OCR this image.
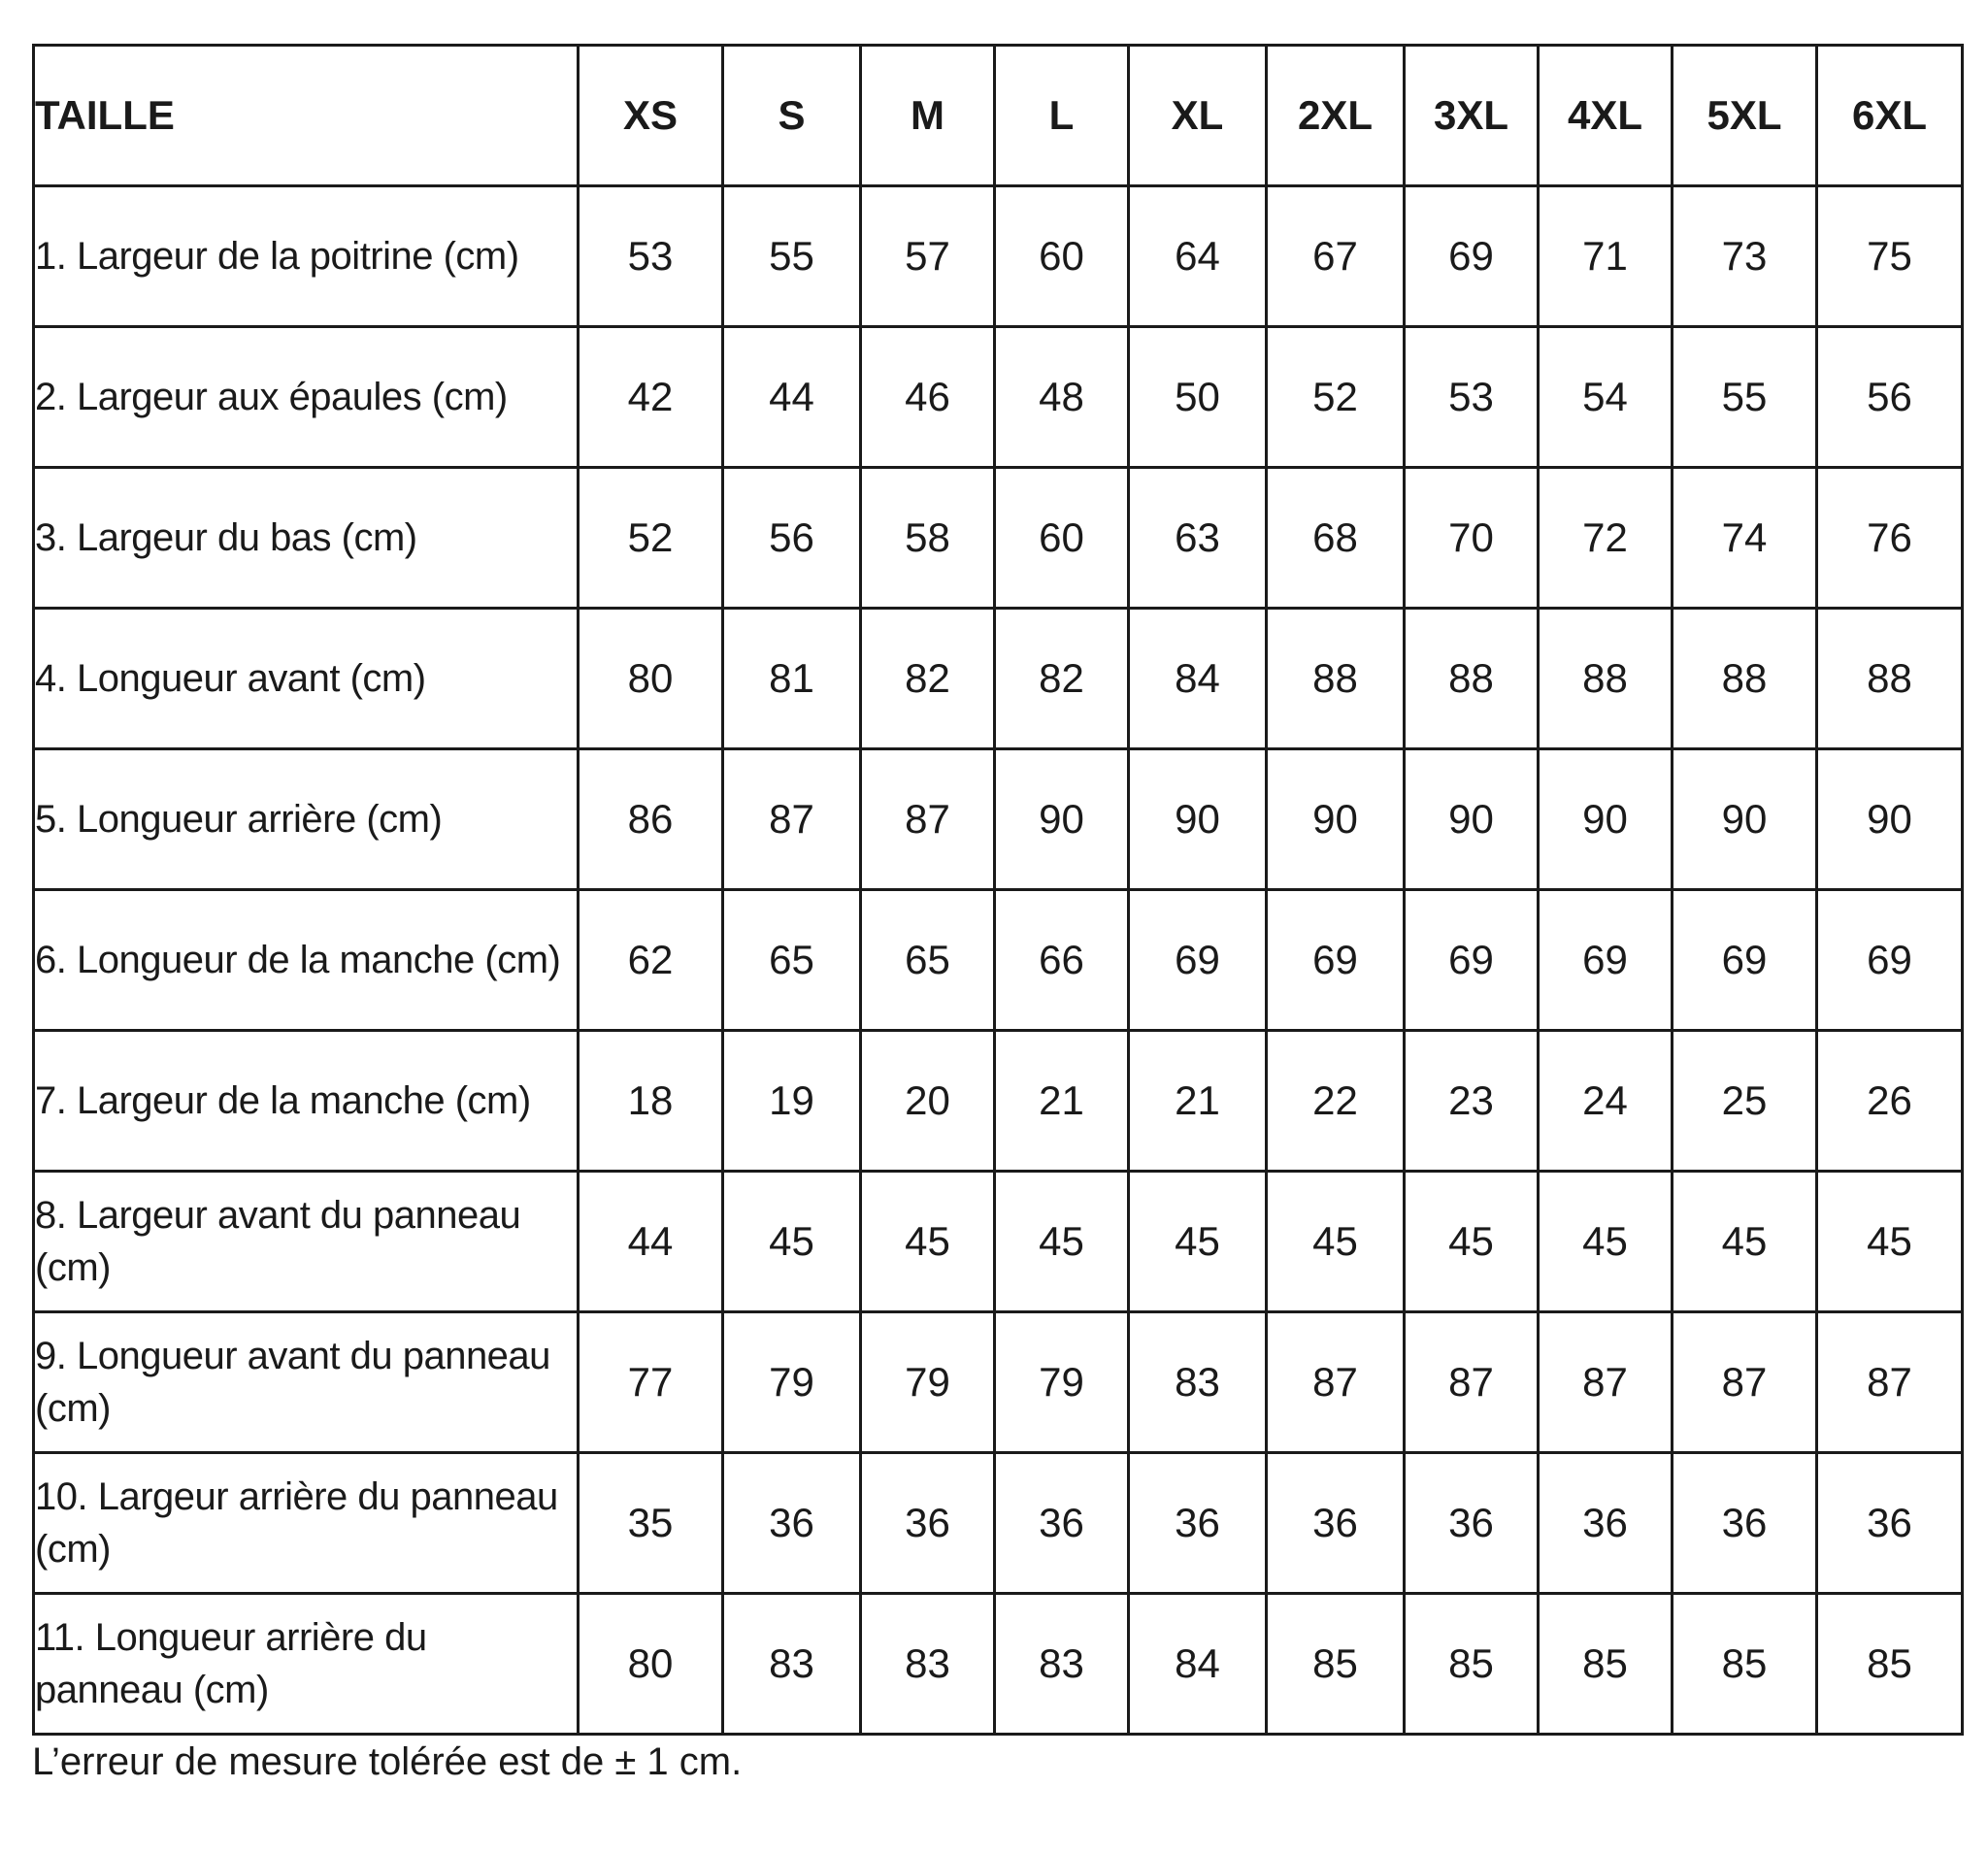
TAILLE	XS	S	M	L	XL	2XL	3XL	4XL	5XL	6XL
1. Largeur de la poitrine (cm)	53	55	57	60	64	67	69	71	73	75
2. Largeur aux épaules (cm)	42	44	46	48	50	52	53	54	55	56
3. Largeur du bas (cm)	52	56	58	60	63	68	70	72	74	76
4. Longueur avant (cm)	80	81	82	82	84	88	88	88	88	88
5. Longueur arrière (cm)	86	87	87	90	90	90	90	90	90	90
6. Longueur de la manche (cm)	62	65	65	66	69	69	69	69	69	69
7. Largeur de la manche (cm)	18	19	20	21	21	22	23	24	25	26
8. Largeur avant du panneau (cm)	44	45	45	45	45	45	45	45	45	45
9. Longueur avant du panneau (cm)	77	79	79	79	83	87	87	87	87	87
10. Largeur arrière du panneau (cm)	35	36	36	36	36	36	36	36	36	36
11. Longueur arrière du panneau (cm)	80	83	83	83	84	85	85	85	85	85
L’erreur de mesure tolérée est de ± 1 cm.
